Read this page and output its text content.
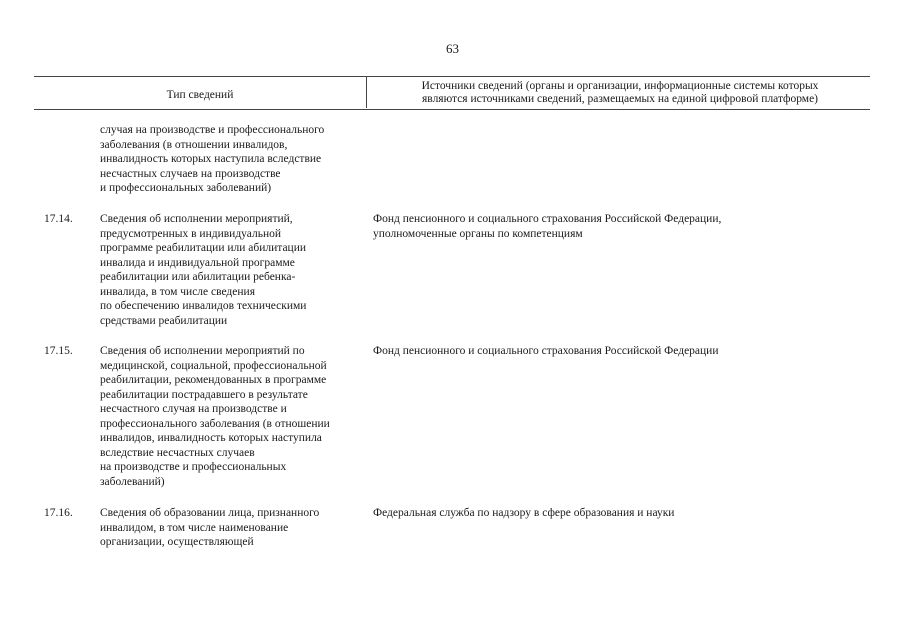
63
Тип сведений
Источники сведений (органы и организации, информационные системы которых
являются источниками сведений, размещаемых на единой цифровой платформе)
случая на производстве и профессионального
заболевания (в отношении инвалидов,
инвалидность которых наступила вследствие
несчастных случаев на производстве
и профессиональных заболеваний)
17.14. Сведения об исполнении мероприятий,
предусмотренных в индивидуальной
программе реабилитации или абилитации
инвалида и индивидуальной программе
реабилитации или абилитации ребенка-
инвалида, в том числе сведения
по обеспечению инвалидов техническими
средствами реабилитации
Фонд пенсионного и социального страхования Российской Федерации,
уполномоченные органы по компетенциям
17.15. Сведения об исполнении мероприятий по
медицинской, социальной, профессиональной
реабилитации, рекомендованных в программе
реабилитации пострадавшего в результате
несчастного случая на производстве и
профессионального заболевания (в отношении
инвалидов, инвалидность которых наступила
вследствие несчастных случаев
на производстве и профессиональных
заболеваний)
Фонд пенсионного и социального страхования Российской Федерации
17.16. Сведения об образовании лица, признанного
инвалидом, в том числе наименование
организации, осуществляющей
Федеральная служба по надзору в сфере образования и науки
